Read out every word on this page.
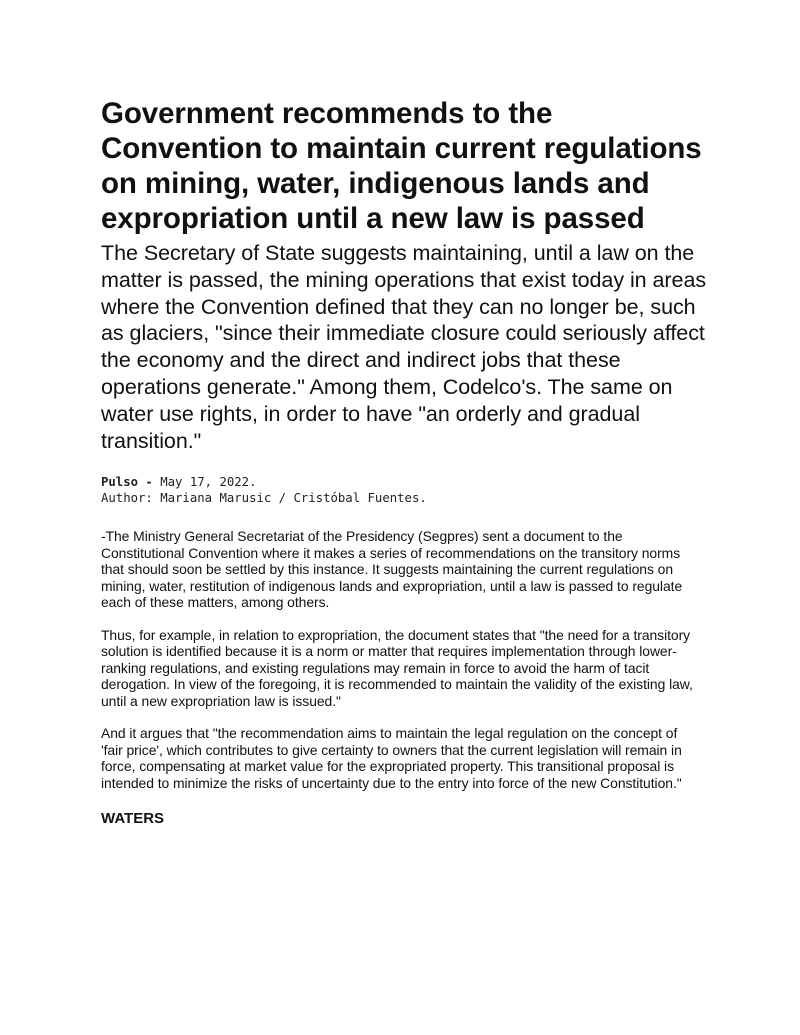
Government recommends to the Convention to maintain current regulations on mining, water, indigenous lands and expropriation until a new law is passed

The Secretary of State suggests maintaining, until a law on the matter is passed, the mining operations that exist today in areas where the Convention defined that they can no longer be, such as glaciers, "since their immediate closure could seriously affect the economy and the direct and indirect jobs that these operations generate." Among them, Codelco's. The same on water use rights, in order to have "an orderly and gradual transition."

Pulso - May 17, 2022.
Author: Mariana Marusic / Cristóbal Fuentes.

-The Ministry General Secretariat of the Presidency (Segpres) sent a document to the Constitutional Convention where it makes a series of recommendations on the transitory norms that should soon be settled by this instance. It suggests maintaining the current regulations on mining, water, restitution of indigenous lands and expropriation, until a law is passed to regulate each of these matters, among others.

Thus, for example, in relation to expropriation, the document states that "the need for a transitory solution is identified because it is a norm or matter that requires implementation through lower-ranking regulations, and existing regulations may remain in force to avoid the harm of tacit derogation. In view of the foregoing, it is recommended to maintain the validity of the existing law, until a new expropriation law is issued."

And it argues that "the recommendation aims to maintain the legal regulation on the concept of 'fair price', which contributes to give certainty to owners that the current legislation will remain in force, compensating at market value for the expropriated property. This transitional proposal is intended to minimize the risks of uncertainty due to the entry into force of the new Constitution."

WATERS
